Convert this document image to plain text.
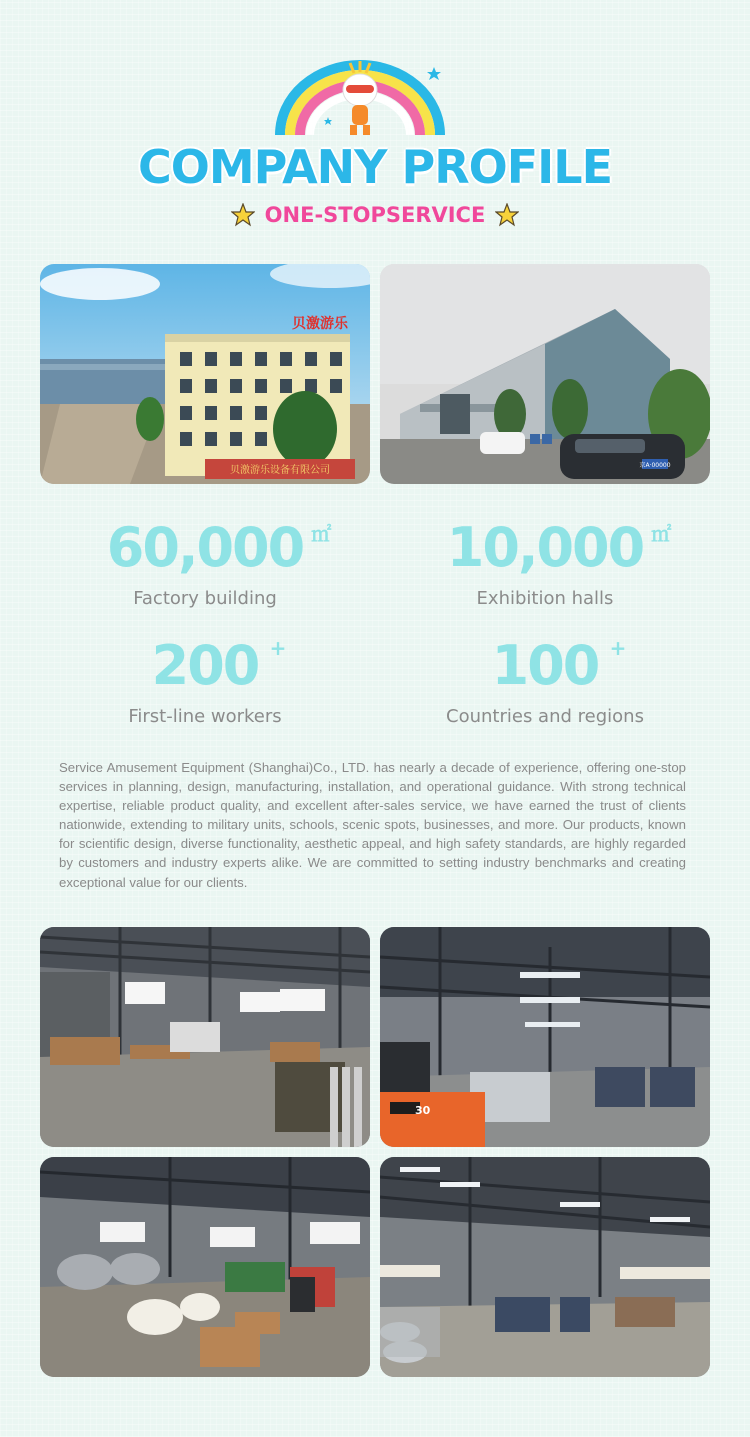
COMPANY PROFILE
ONE-STOPSERVICE
贝激游乐设备有限公司
贝激游乐
京A·00000
60,000 ㎡
Factory building
10,000 ㎡
Exhibition halls
200 +
First-line workers
100 +
Countries and regions

Service Amusement Equipment (Shanghai)Co., LTD. has nearly a decade of experience, offering one-stop services in planning, design, manufacturing, installation, and operational guidance. With strong technical expertise, reliable product quality, and excellent after-sales service, we have earned the trust of clients nationwide, extending to military units, schools, scenic spots, businesses, and more. Our products, known for scientific design, diverse functionality, aesthetic appeal, and high safety standards, are highly regarded by customers and industry experts alike. We are committed to setting industry benchmarks and creating exceptional value for our clients.

30
